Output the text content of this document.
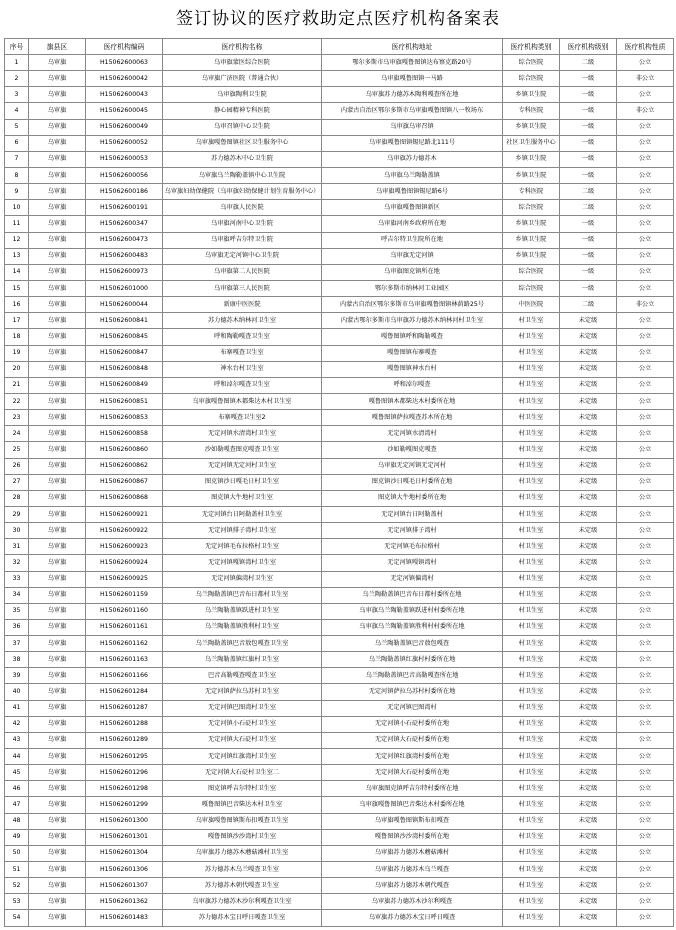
签订协议的医疗救助定点医疗机构备案表
序号	旗县区	医疗机构编码	医疗机构名称	医疗机构地址	医疗机构类别	医疗机构级别	医疗机构性质
1	乌审旗	H15062600063	乌审旗蒙医综合医院	鄂尔多斯市乌审旗嘎鲁图镇达布察克路20号	综合医院	二级	公立
2	乌审旗	H15062600042	乌审旗广济医院（普通合伙）	乌审旗嘎鲁图镇一马路	综合医院	一级	非公立
3	乌审旗	H15062600043	乌审旗陶利卫生院	乌审旗苏力德苏木陶利嘎查所在地	乡镇卫生院	一级	公立
4	乌审旗	H15062600045	静心园精神专科医院	内蒙古自治区鄂尔多斯市乌审旗嘎鲁图镇八一牧场东	专科医院	一级	非公立
5	乌审旗	H15062600049	乌审召镇中心卫生院	乌审旗乌审召镇	乡镇卫生院	一级	公立
6	乌审旗	H15062600052	乌审旗嘎鲁图镇社区卫生服务中心	乌审旗嘎鲁图镇锡尼路北111号	社区卫生服务中心	一级	公立
7	乌审旗	H15062600053	苏力德苏木中心卫生院	乌审旗苏力德苏木	乡镇卫生院	一级	公立
8	乌审旗	H15062600056	乌审旗乌兰陶勒盖镇中心卫生院	乌审旗乌兰陶勒盖镇	乡镇卫生院	一级	公立
9	乌审旗	H15062600186	乌审旗妇幼保健院（乌审旗妇幼保健计划生育服务中心）	乌审旗嘎鲁图镇锡尼路6号	专科医院	二级	公立
10	乌审旗	H15062600191	乌审旗人民医院	乌审旗嘎鲁图镇新区	综合医院	二级	公立
11	乌审旗	H15062600347	乌审旗河南中心卫生院	乌审旗河南乡政府所在地	乡镇卫生院	一级	公立
12	乌审旗	H15062600473	乌审旗呼吉尔特卫生院	呼吉尔特卫生院所在地	乡镇卫生院	一级	公立
13	乌审旗	H15062600483	乌审旗无定河镇中心卫生院	乌审旗无定河镇	乡镇卫生院	一级	公立
14	乌审旗	H15062600973	乌审旗第二人民医院	乌审旗图克镇所在地	综合医院	一级	公立
15	乌审旗	H15062601000	乌审旗第三人民医院	鄂尔多斯市纳林河工业园区	综合医院	一级	公立
16	乌审旗	H15062600044	新康中医医院	内蒙古自治区鄂尔多斯市乌审旗嘎鲁图镇林荫路25号	中医医院	二级	非公立
17	乌审旗	H15062600841	苏力德苏木纳林河卫生室	内蒙古鄂尔多斯市乌审旗苏力德苏木纳林河村卫生室	村卫生室	未定级	公立
18	乌审旗	H15062600845	呼和陶勒嘎查卫生室	嘎鲁图镇呼和陶勒嘎查	村卫生室	未定级	公立
19	乌审旗	H15062600847	布寨嘎查卫生室	嘎鲁图镇布寨嘎查	村卫生室	未定级	公立
20	乌审旗	H15062600848	神水台村卫生室	嘎鲁图镇神水台村	村卫生室	未定级	公立
21	乌审旗	H15062600849	呼和淖尔嘎查卫生室	呼和淖尔嘎查	村卫生室	未定级	公立
22	乌审旗	H15062600851	乌审旗嘎鲁图镇木都柴达木村卫生室	嘎鲁图镇木都柴达木村委所在地	村卫生室	未定级	公立
23	乌审旗	H15062600853	布寨嘎查卫生室2	嘎鲁图镇萨拉嘎查苏木所在地	村卫生室	未定级	公立
24	乌审旗	H15062600858	无定河镇水清湾村卫生室	无定河镇水清湾村	村卫生室	未定级	公立
25	乌审旗	H15062600860	沙如勒嘎查图克嘎查卫生室	沙如勒嘎图克嘎查	村卫生室	未定级	公立
26	乌审旗	H15062600862	无定河镇无定河村卫生室	乌审旗无定河镇无定河村	村卫生室	未定级	公立
27	乌审旗	H15062600867	图克镇沙日嘎毛日村卫生室	图克镇沙日嘎毛日村委所在地	村卫生室	未定级	公立
28	乌审旗	H15062600868	图克镇大牛地村卫生室	图克镇大牛地村委所在地	村卫生室	未定级	公立
29	乌审旗	H15062600921	无定河镇台日阿勒盖村卫生室	无定河镇台日阿勒盖村	村卫生室	未定级	公立
30	乌审旗	H15062600922	无定河镇排子湾村卫生室	无定河镇排子湾村	村卫生室	未定级	公立
31	乌审旗	H15062600923	无定河镇毛布拉格村卫生室	无定河镇毛布拉格村	村卫生室	未定级	公立
32	乌审旗	H15062600924	无定河镇嘎镇湾村卫生室	无定河镇嘎镇湾村	村卫生室	未定级	公立
33	乌审旗	H15062600925	无定河镇偏湾村卫生室	无定河镇偏湾村	村卫生室	未定级	公立
34	乌审旗	H15062601159	乌兰陶勒盖镇巴音布日都村卫生室	乌兰陶勒盖镇巴音布日都村委所在地	村卫生室	未定级	公立
35	乌审旗	H15062601160	乌兰陶勒盖镇跃进村卫生室	乌审旗乌兰陶勒盖镇跃进村村委所在地	村卫生室	未定级	公立
36	乌审旗	H15062601161	乌兰陶勒盖镇胜利村卫生室	乌审旗乌兰陶勒盖镇胜利村村委所在地	村卫生室	未定级	公立
37	乌审旗	H15062601162	乌兰陶勒盖镇巴音敖包嘎查卫生室	乌兰陶勒盖镇巴音敖包嘎查	村卫生室	未定级	公立
38	乌审旗	H15062601163	乌兰陶勒盖镇红旗村卫生室	乌兰陶勒盖镇红旗村村委所在地	村卫生室	未定级	公立
39	乌审旗	H15062601166	巴音高勒嘎查嘎查卫生室	乌兰陶勒盖镇巴音高勒嘎查所在地	村卫生室	未定级	公立
40	乌审旗	H15062601284	无定河镇萨拉乌苏村卫生室	无定河镇萨拉乌苏村村委所在地	村卫生室	未定级	公立
41	乌审旗	H15062601287	无定河镇巴图湾村卫生室	无定河镇巴图湾村	村卫生室	未定级	公立
42	乌审旗	H15062601288	无定河镇小石砭村卫生室	无定河镇小石砭村委所在地	村卫生室	未定级	公立
43	乌审旗	H15062601289	无定河镇大石砭村卫生室	无定河镇大石砭村委所在地	村卫生室	未定级	公立
44	乌审旗	H15062601295	无定河镇红旗湾村卫生室	无定河镇红旗湾村委所在地	村卫生室	未定级	公立
45	乌审旗	H15062601296	无定河镇大石砭村卫生室二	无定河镇大石砭村委所在地	村卫生室	未定级	公立
46	乌审旗	H15062601298	图克镇呼吉尔特村卫生室	乌审旗图克镇呼吉尔特村委所在地	村卫生室	未定级	公立
47	乌审旗	H15062601299	嘎鲁图镇巴音柴达木村卫生室	乌审旗嘎鲁图镇巴音柴达木村委所在地	村卫生室	未定级	公立
48	乌审旗	H15062601300	乌审旗嘎鲁图镇斯布扣嘎查卫生室	乌审旗嘎鲁图镇斯布扣嘎查	村卫生室	未定级	公立
49	乌审旗	H15062601301	嘎鲁图镇沙沙湾村卫生室	嘎鲁图镇沙沙湾村委所在地	村卫生室	未定级	公立
50	乌审旗	H15062601304	乌审旗苏力德苏木蘑菇滩村卫生室	乌审旗苏力德苏木蘑菇滩村	村卫生室	未定级	公立
51	乌审旗	H15062601306	苏力德苏木乌兰嘎查卫生室	乌审旗苏力德苏木乌兰嘎查	村卫生室	未定级	公立
52	乌审旗	H15062601307	苏力德苏木朝代嘎查卫生室	乌审旗苏力德苏木朝代嘎查	村卫生室	未定级	公立
53	乌审旗	H15062601362	乌审旗苏力德苏木沙尔利嘎查卫生室	乌审旗苏力德苏木沙尔利嘎查	村卫生室	未定级	公立
54	乌审旗	H15062601483	苏力德苏木宝日呼日嘎查卫生室	乌审旗苏力德苏木宝日呼日嘎查	村卫生室	未定级	公立
